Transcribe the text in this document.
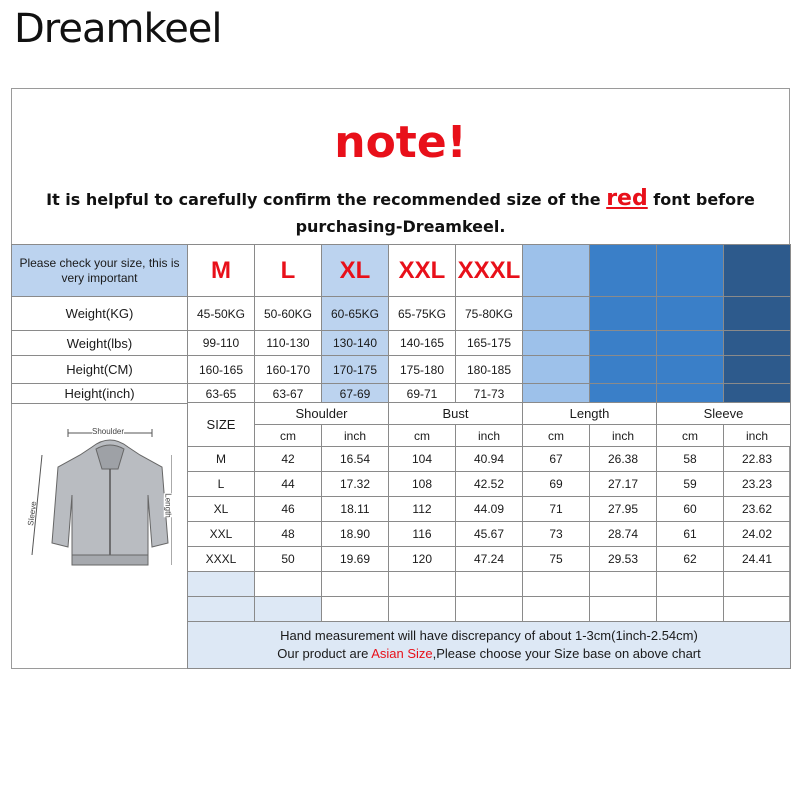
Dreamkeel
note!
It is helpful to carefully confirm the recommended size of the red font before
purchasing-Dreamkeel.
Please check your size, this is very important	M	L	XL	XXL	XXXL				
Weight(KG)	45-50KG	50-60KG	60-65KG	65-75KG	75-80KG				
Weight(lbs)	99-110	110-130	130-140	140-165	165-175				
Height(CM)	160-165	160-170	170-175	175-180	180-185				
Height(inch)	63-65	63-67	67-69	69-71	71-73				
Shoulder
Length
Sleeve
SIZE	Shoulder		Bust		Length		Sleeve	
	cm	inch	cm	inch	cm	inch	cm	inch
M	42	16.54	104	40.94	67	26.38	58	22.83
L	44	17.32	108	42.52	69	27.17	59	23.23
XL	46	18.11	112	44.09	71	27.95	60	23.62
XXL	48	18.90	116	45.67	73	28.74	61	24.02
XXXL	50	19.69	120	47.24	75	29.53	62	24.41

Hand measurement will have discrepancy of about 1-3cm(1inch-2.54cm)
Our product are Asian Size,Please choose your Size base on above chart								
